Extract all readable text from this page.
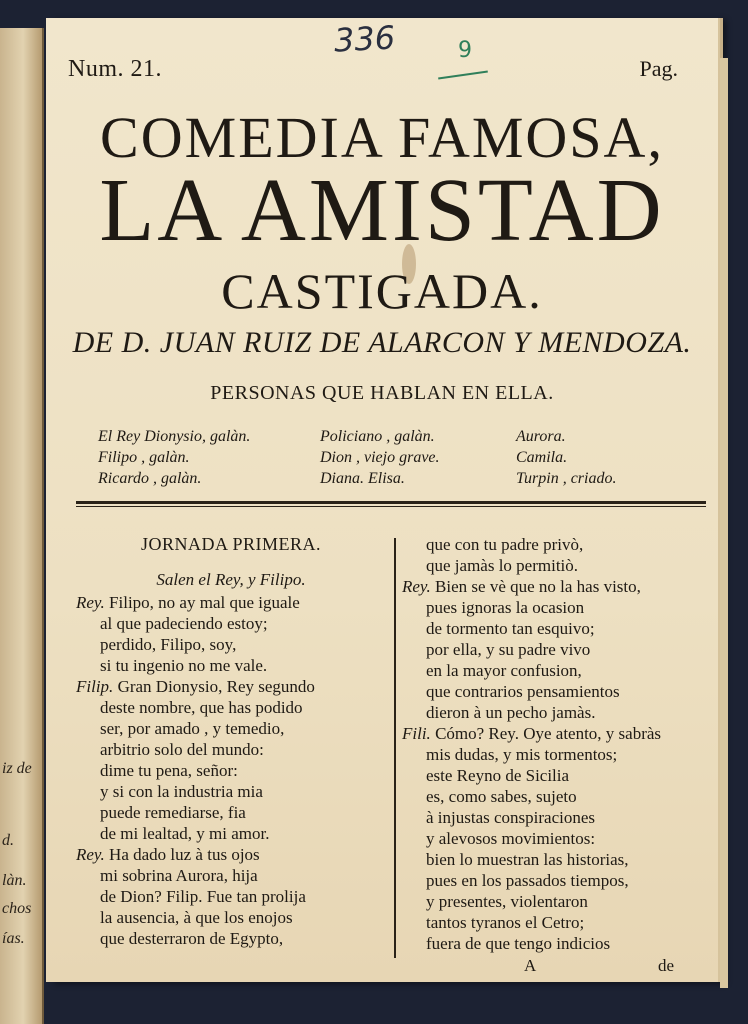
iz de
d.
làn.
chos
ías.
Num. 21.
336	9
Pag.
COMEDIA FAMOSA,
LA AMISTAD
CASTIGADA.
DE D. JUAN RUIZ DE ALARCON Y MENDOZA.
PERSONAS QUE HABLAN EN ELLA.
El Rey Dionysio, galàn.
Filipo , galàn.
Ricardo , galàn.
Policiano , galàn.
Dion , viejo grave.
Diana. Elisa.
Aurora.
Camila.
Turpin , criado.
JORNADA PRIMERA.
Salen el Rey, y Filipo.
Rey. Filipo, no ay mal que iguale
al que padeciendo estoy;
perdido, Filipo, soy,
si tu ingenio no me vale.
Filip. Gran Dionysio, Rey segundo
deste nombre, que has podido
ser, por amado , y temedio,
arbitrio solo del mundo:
dime tu pena, señor:
y si con la industria mia
puede remediarse, fia
de mi lealtad, y mi amor.
Rey. Ha dado luz à tus ojos
mi sobrina Aurora, hija
de Dion? Filip. Fue tan prolija
la ausencia, à que los enojos
que desterraron de Egypto,
que con tu padre privò,
que jamàs lo permitiò.
Rey. Bien se vè que no la has visto,
pues ignoras la ocasion
de tormento tan esquivo;
por ella, y su padre vivo
en la mayor confusion,
que contrarios pensamientos
dieron à un pecho jamàs.
Fili. Cómo? Rey. Oye atento, y sabràs
mis dudas, y mis tormentos;
este Reyno de Sicilia
es, como sabes, sujeto
à injustas conspiraciones
y alevosos movimientos:
bien lo muestran las historias,
pues en los passados tiempos,
y presentes, violentaron
tantos tyranos el Cetro;
fuera de que tengo indicios
A	de
